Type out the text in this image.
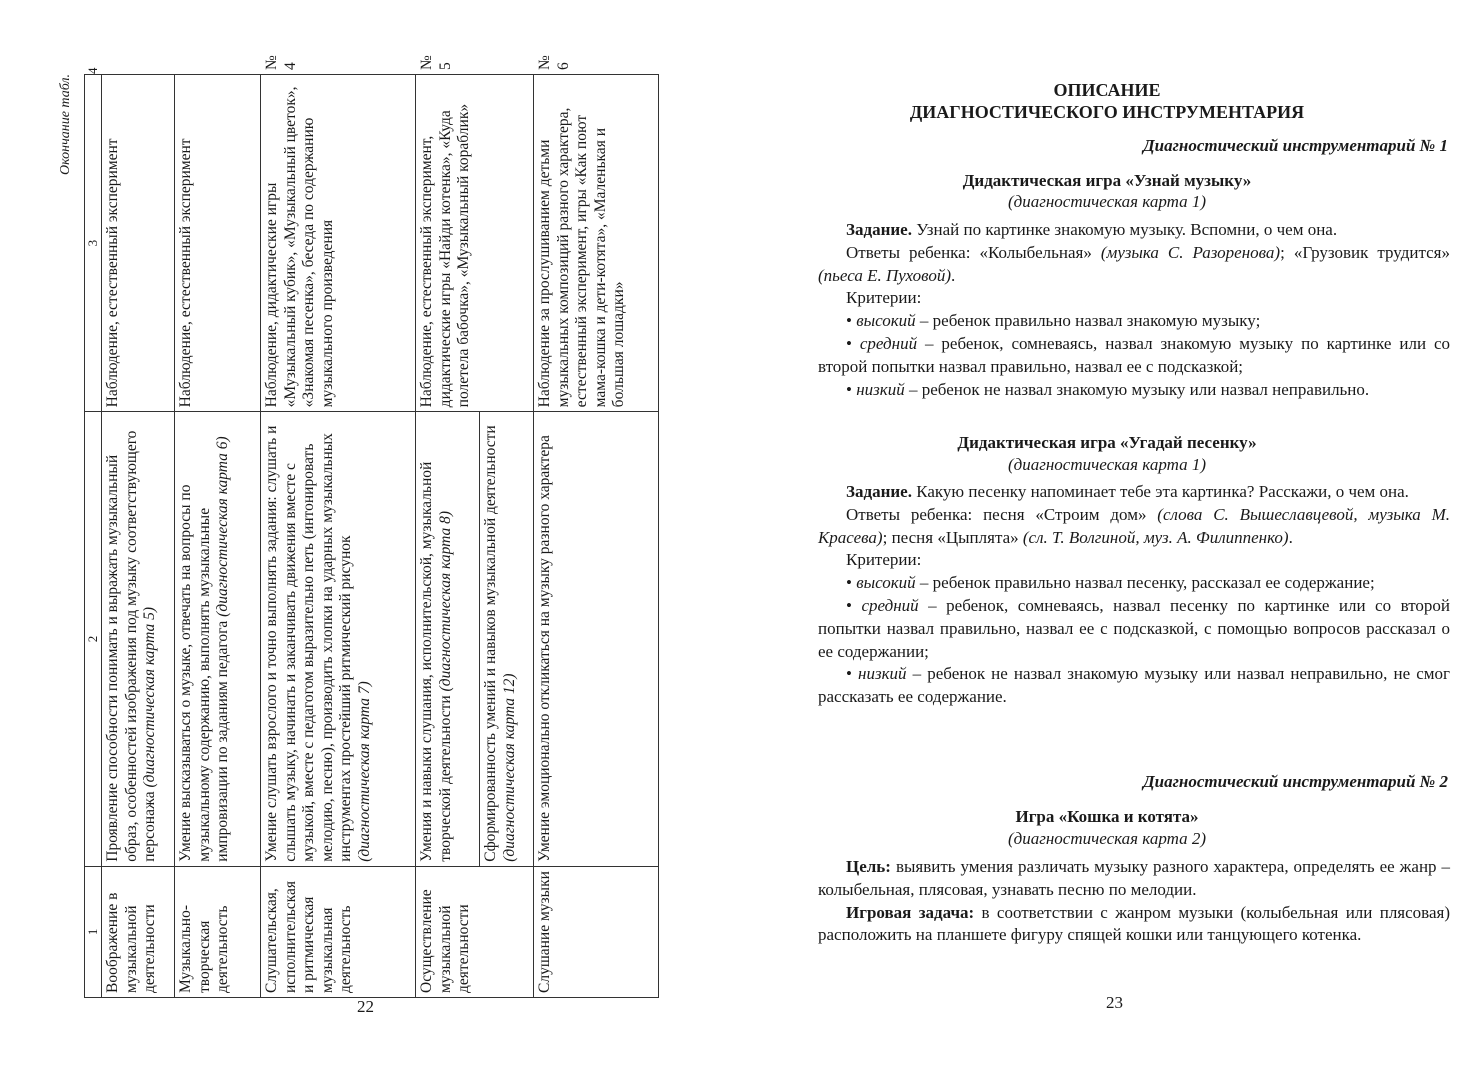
Окончание табл.
1	2	3	4
Воображение в музыкальной деятельности	Проявление способности понимать и выражать музыкальный образ, особенностей изображения под музыку соответствующего персонажа (диагностическая карта 5)	Наблюдение, естественный эксперимент	
Музыкально-творческая деятельность	Умение высказываться о музыке, отвечать на вопросы по музыкальному содержанию, выполнять музыкальные импровизации по заданиям педагога (диагностическая карта 6)	Наблюдение, естественный эксперимент	
Слушательская, исполнительская и ритмическая музыкальная деятельность	Умение слушать взрослого и точно выполнять задания: слушать и слышать музыку, начинать и заканчивать движения вместе с музыкой, вместе с педагогом выразительно петь (интонировать мелодию, песню), производить хлопки на ударных музыкальных инструментах простейший ритмический рисунок (диагностическая карта 7)	Наблюдение, дидактические игры «Музыкальный кубик», «Музыкальный цветок», «Знакомая песенка», беседа по содержанию музыкального произведения	№ 4
Осуществление музыкальной деятельности	Умения и навыки слушания, исполнительской, музыкальной творческой деятельности (диагностическая карта 8)	Наблюдение, естественный эксперимент, дидактические игры «Найди котенка», «Куда полетела бабочка», «Музыкальный кораблик»	№ 5
	Сформированность умений и навыков музыкальной деятельности (диагностическая карта 12)		
Слушание музыки	Умение эмоционально откликаться на музыку разного характера	Наблюдение за прослушиванием детьми музыкальных композиций разного характера, естественный эксперимент, игры «Как поют мама-кошка и дети-котята», «Маленькая и большая лошадки»	№ 6
22
ОПИСАНИЕ
ДИАГНОСТИЧЕСКОГО ИНСТРУМЕНТАРИЯ
Диагностический инструментарий № 1
Дидактическая игра «Узнай музыку»
(диагностическая карта 1)
Задание. Узнай по картинке знакомую музыку. Вспомни, о чем она.
Ответы ребенка: «Колыбельная» (музыка С. Разоренова); «Грузовик трудится» (пьеса Е. Пуховой).
Критерии:
• высокий – ребенок правильно назвал знакомую музыку;
• средний – ребенок, сомневаясь, назвал знакомую музыку по картинке или со второй попытки назвал правильно, назвал ее с подсказкой;
• низкий – ребенок не назвал знакомую музыку или назвал неправильно.
Дидактическая игра «Угадай песенку»
(диагностическая карта 1)
Задание. Какую песенку напоминает тебе эта картинка? Расскажи, о чем она.
Ответы ребенка: песня «Строим дом» (слова С. Вышеславцевой, музыка М. Красева); песня «Цыплята» (сл. Т. Волгиной, муз. А. Филиппенко).
Критерии:
• высокий – ребенок правильно назвал песенку, рассказал ее содержание;
• средний – ребенок, сомневаясь, назвал песенку по картинке или со второй попытки назвал правильно, назвал ее с подсказкой, с помощью вопросов рассказал о ее содержании;
• низкий – ребенок не назвал знакомую музыку или назвал неправильно, не смог рассказать ее содержание.
Диагностический инструментарий № 2
Игра «Кошка и котята»
(диагностическая карта 2)
Цель: выявить умения различать музыку разного характера, определять ее жанр – колыбельная, плясовая, узнавать песню по мелодии.
Игровая задача: в соответствии с жанром музыки (колыбельная или плясовая) расположить на планшете фигуру спящей кошки или танцующего котенка.
23
